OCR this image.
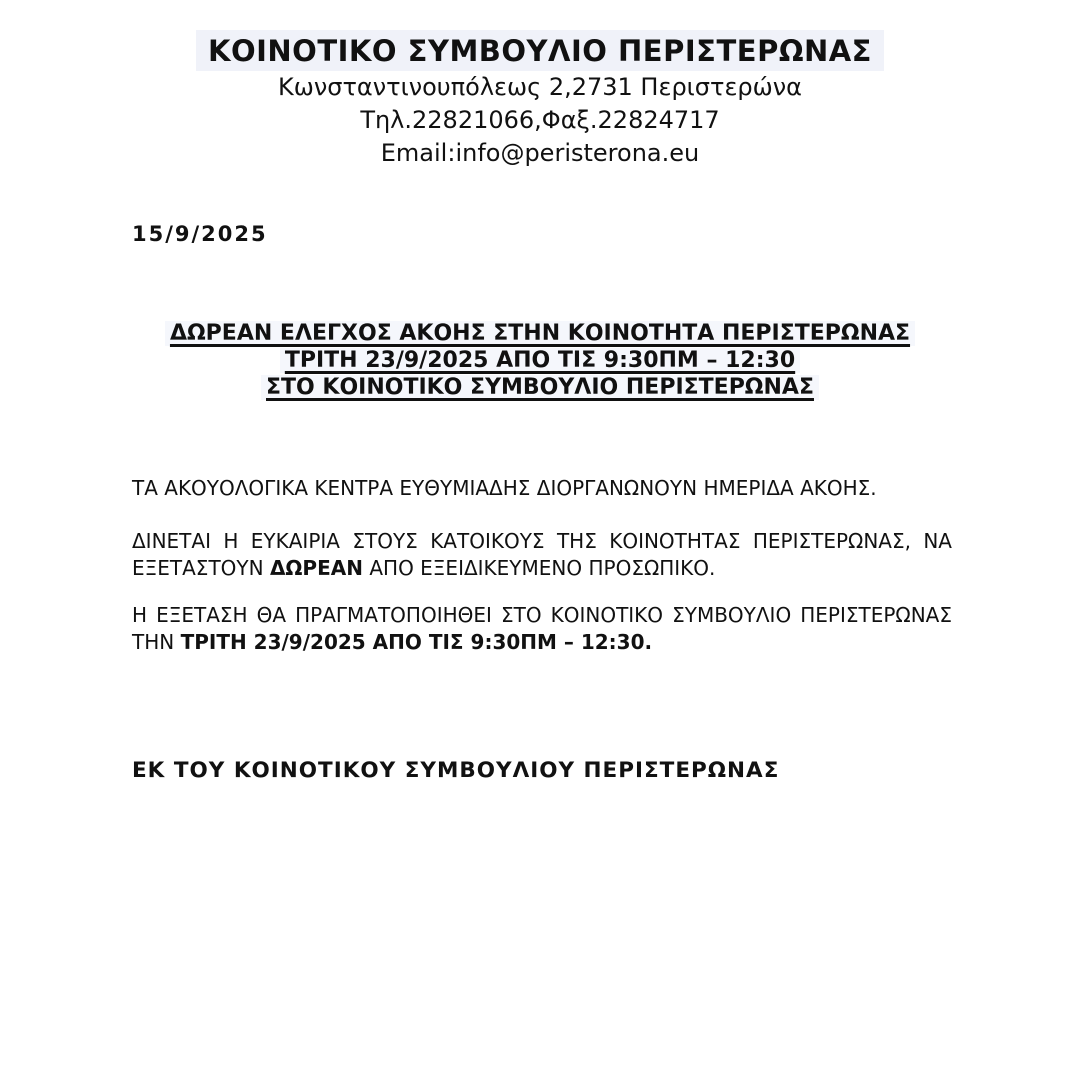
ΚΟΙΝΟΤΙΚΟ ΣΥΜΒΟΥΛΙΟ ΠΕΡΙΣΤΕΡΩΝΑΣ
Κωνσταντινουπόλεως 2,2731 Περιστερώνα
Τηλ.22821066,Φαξ.22824717
Email:info@peristerona.eu
15/9/2025
ΔΩΡΕΑΝ ΕΛΕΓΧΟΣ ΑΚΟΗΣ ΣΤΗΝ ΚΟΙΝΟΤΗΤΑ ΠΕΡΙΣΤΕΡΩΝΑΣ
ΤΡΙΤΗ 23/9/2025 ΑΠΟ ΤΙΣ 9:30ΠΜ – 12:30
ΣΤΟ ΚΟΙΝΟΤΙΚΟ ΣΥΜΒΟΥΛΙΟ ΠΕΡΙΣΤΕΡΩΝΑΣ

ΤΑ ΑΚΟΥΟΛΟΓΙΚΑ ΚΕΝΤΡΑ ΕΥΘΥΜΙΑΔΗΣ ΔΙΟΡΓΑΝΩΝΟΥΝ ΗΜΕΡΙΔΑ ΑΚΟΗΣ.

ΔΙΝΕΤΑΙ Η ΕΥΚΑΙΡΙΑ ΣΤΟΥΣ ΚΑΤΟΙΚΟΥΣ ΤΗΣ ΚΟΙΝΟΤΗΤΑΣ ΠΕΡΙΣΤΕΡΩΝΑΣ, ΝΑ ΕΞΕΤΑΣΤΟΥΝ ΔΩΡΕΑΝ ΑΠΟ ΕΞΕΙΔΙΚΕΥΜΕΝΟ ΠΡΟΣΩΠΙΚΟ.

Η ΕΞΕΤΑΣΗ ΘΑ ΠΡΑΓΜΑΤΟΠΟΙΗΘΕΙ ΣΤΟ ΚΟΙΝΟΤΙΚΟ ΣΥΜΒΟΥΛΙΟ ΠΕΡΙΣΤΕΡΩΝΑΣ ΤΗΝ ΤΡΙΤΗ 23/9/2025 ΑΠΟ ΤΙΣ 9:30ΠΜ – 12:30.

ΕΚ ΤΟΥ ΚΟΙΝΟΤΙΚΟΥ ΣΥΜΒΟΥΛΙΟΥ ΠΕΡΙΣΤΕΡΩΝΑΣ
